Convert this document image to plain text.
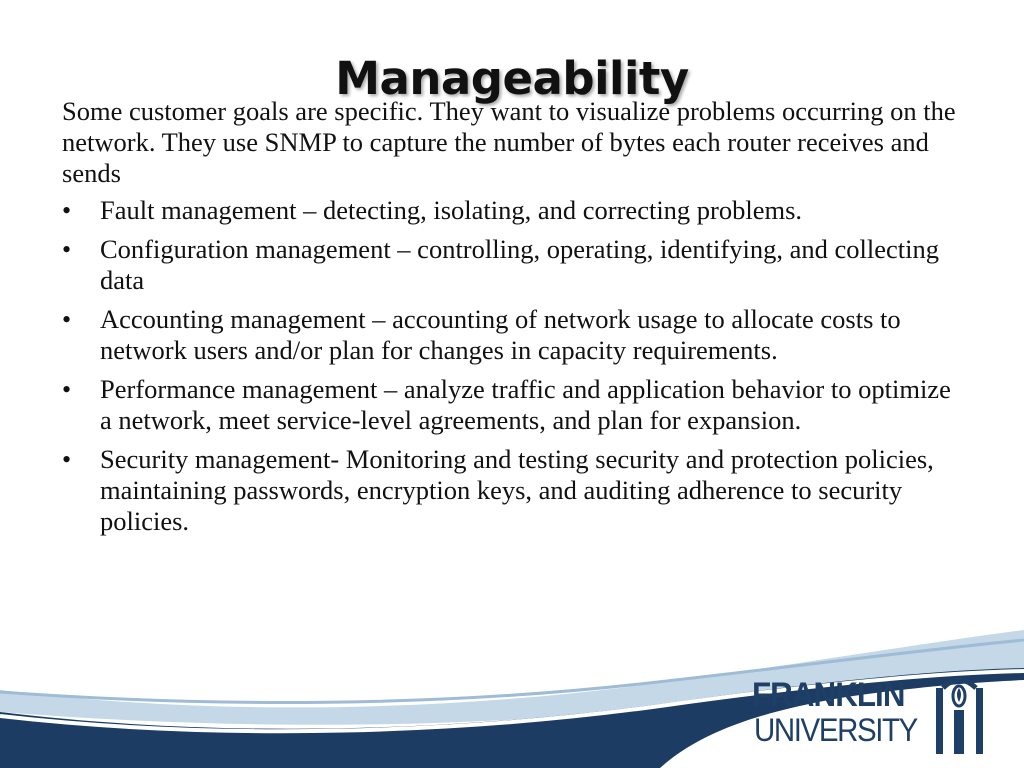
Manageability

Some customer goals are specific. They want to visualize problems occurring on the network. They use SNMP to capture the number of bytes each router receives and sends

• Fault management – detecting, isolating, and correcting problems.
• Configuration management – controlling, operating, identifying, and collecting data
• Accounting management – accounting of network usage to allocate costs to network users and/or plan for changes in capacity requirements.
• Performance management – analyze traffic and application behavior to optimize a network, meet service-level agreements, and plan for expansion.
• Security management- Monitoring and testing security and protection policies, maintaining passwords, encryption keys, and auditing adherence to security policies.
FRANKLIN
UNIVERSITY
